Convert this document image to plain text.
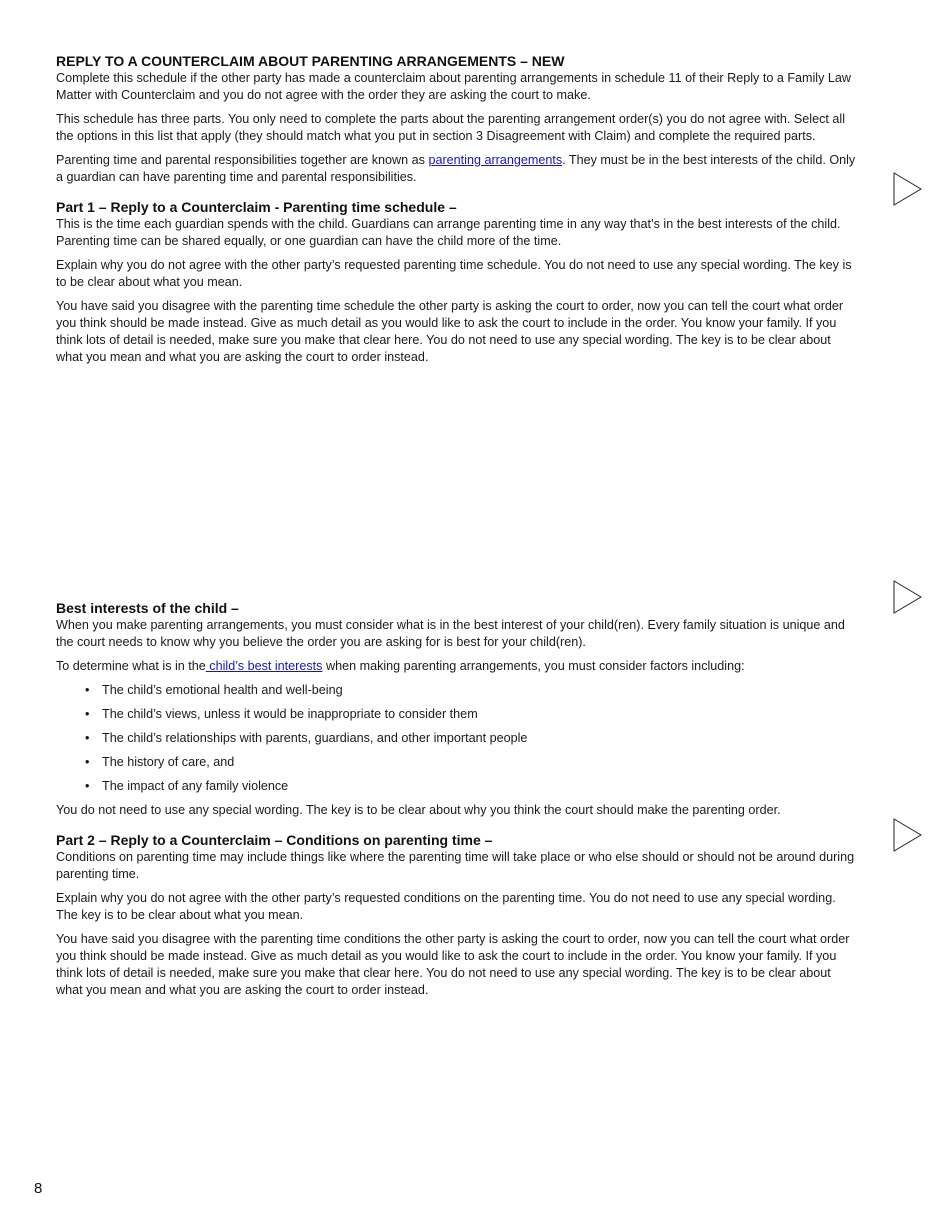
REPLY TO A COUNTERCLAIM ABOUT PARENTING ARRANGEMENTS – NEW

Complete this schedule if the other party has made a counterclaim about parenting arrangements in schedule 11 of their Reply to a Family Law Matter with Counterclaim and you do not agree with the order they are asking the court to make.

This schedule has three parts. You only need to complete the parts about the parenting arrangement order(s) you do not agree with. Select all the options in this list that apply (they should match what you put in section 3 Disagreement with Claim) and complete the required parts.

Parenting time and parental responsibilities together are known as parenting arrangements. They must be in the best interests of the child. Only a guardian can have parenting time and parental responsibilities.

Part 1 – Reply to a Counterclaim - Parenting time schedule –

This is the time each guardian spends with the child. Guardians can arrange parenting time in any way that’s in the best interests of the child. Parenting time can be shared equally, or one guardian can have the child more of the time.

Explain why you do not agree with the other party’s requested parenting time schedule. You do not need to use any special wording. The key is to be clear about what you mean.

You have said you disagree with the parenting time schedule the other party is asking the court to order, now you can tell the court what order you think should be made instead. Give as much detail as you would like to ask the court to include in the order. You know your family. If you think lots of detail is needed, make sure you make that clear here. You do not need to use any special wording. The key is to be clear about what you mean and what you are asking the court to order instead.

Best interests of the child –

When you make parenting arrangements, you must consider what is in the best interest of your child(ren). Every family situation is unique and the court needs to know why you believe the order you are asking for is best for your child(ren).

To determine what is in the child’s best interests when making parenting arrangements, you must consider factors including:

• The child’s emotional health and well-being
• The child’s views, unless it would be inappropriate to consider them
• The child’s relationships with parents, guardians, and other important people
• The history of care, and
• The impact of any family violence

You do not need to use any special wording. The key is to be clear about why you think the court should make the parenting order.

Part 2 – Reply to a Counterclaim – Conditions on parenting time –

Conditions on parenting time may include things like where the parenting time will take place or who else should or should not be around during parenting time.

Explain why you do not agree with the other party’s requested conditions on the parenting time. You do not need to use any special wording. The key is to be clear about what you mean.

You have said you disagree with the parenting time conditions the other party is asking the court to order, now you can tell the court what order you think should be made instead. Give as much detail as you would like to ask the court to include in the order. You know your family. If you think lots of detail is needed, make sure you make that clear here. You do not need to use any special wording. The key is to be clear about what you mean and what you are asking the court to order instead.

8
